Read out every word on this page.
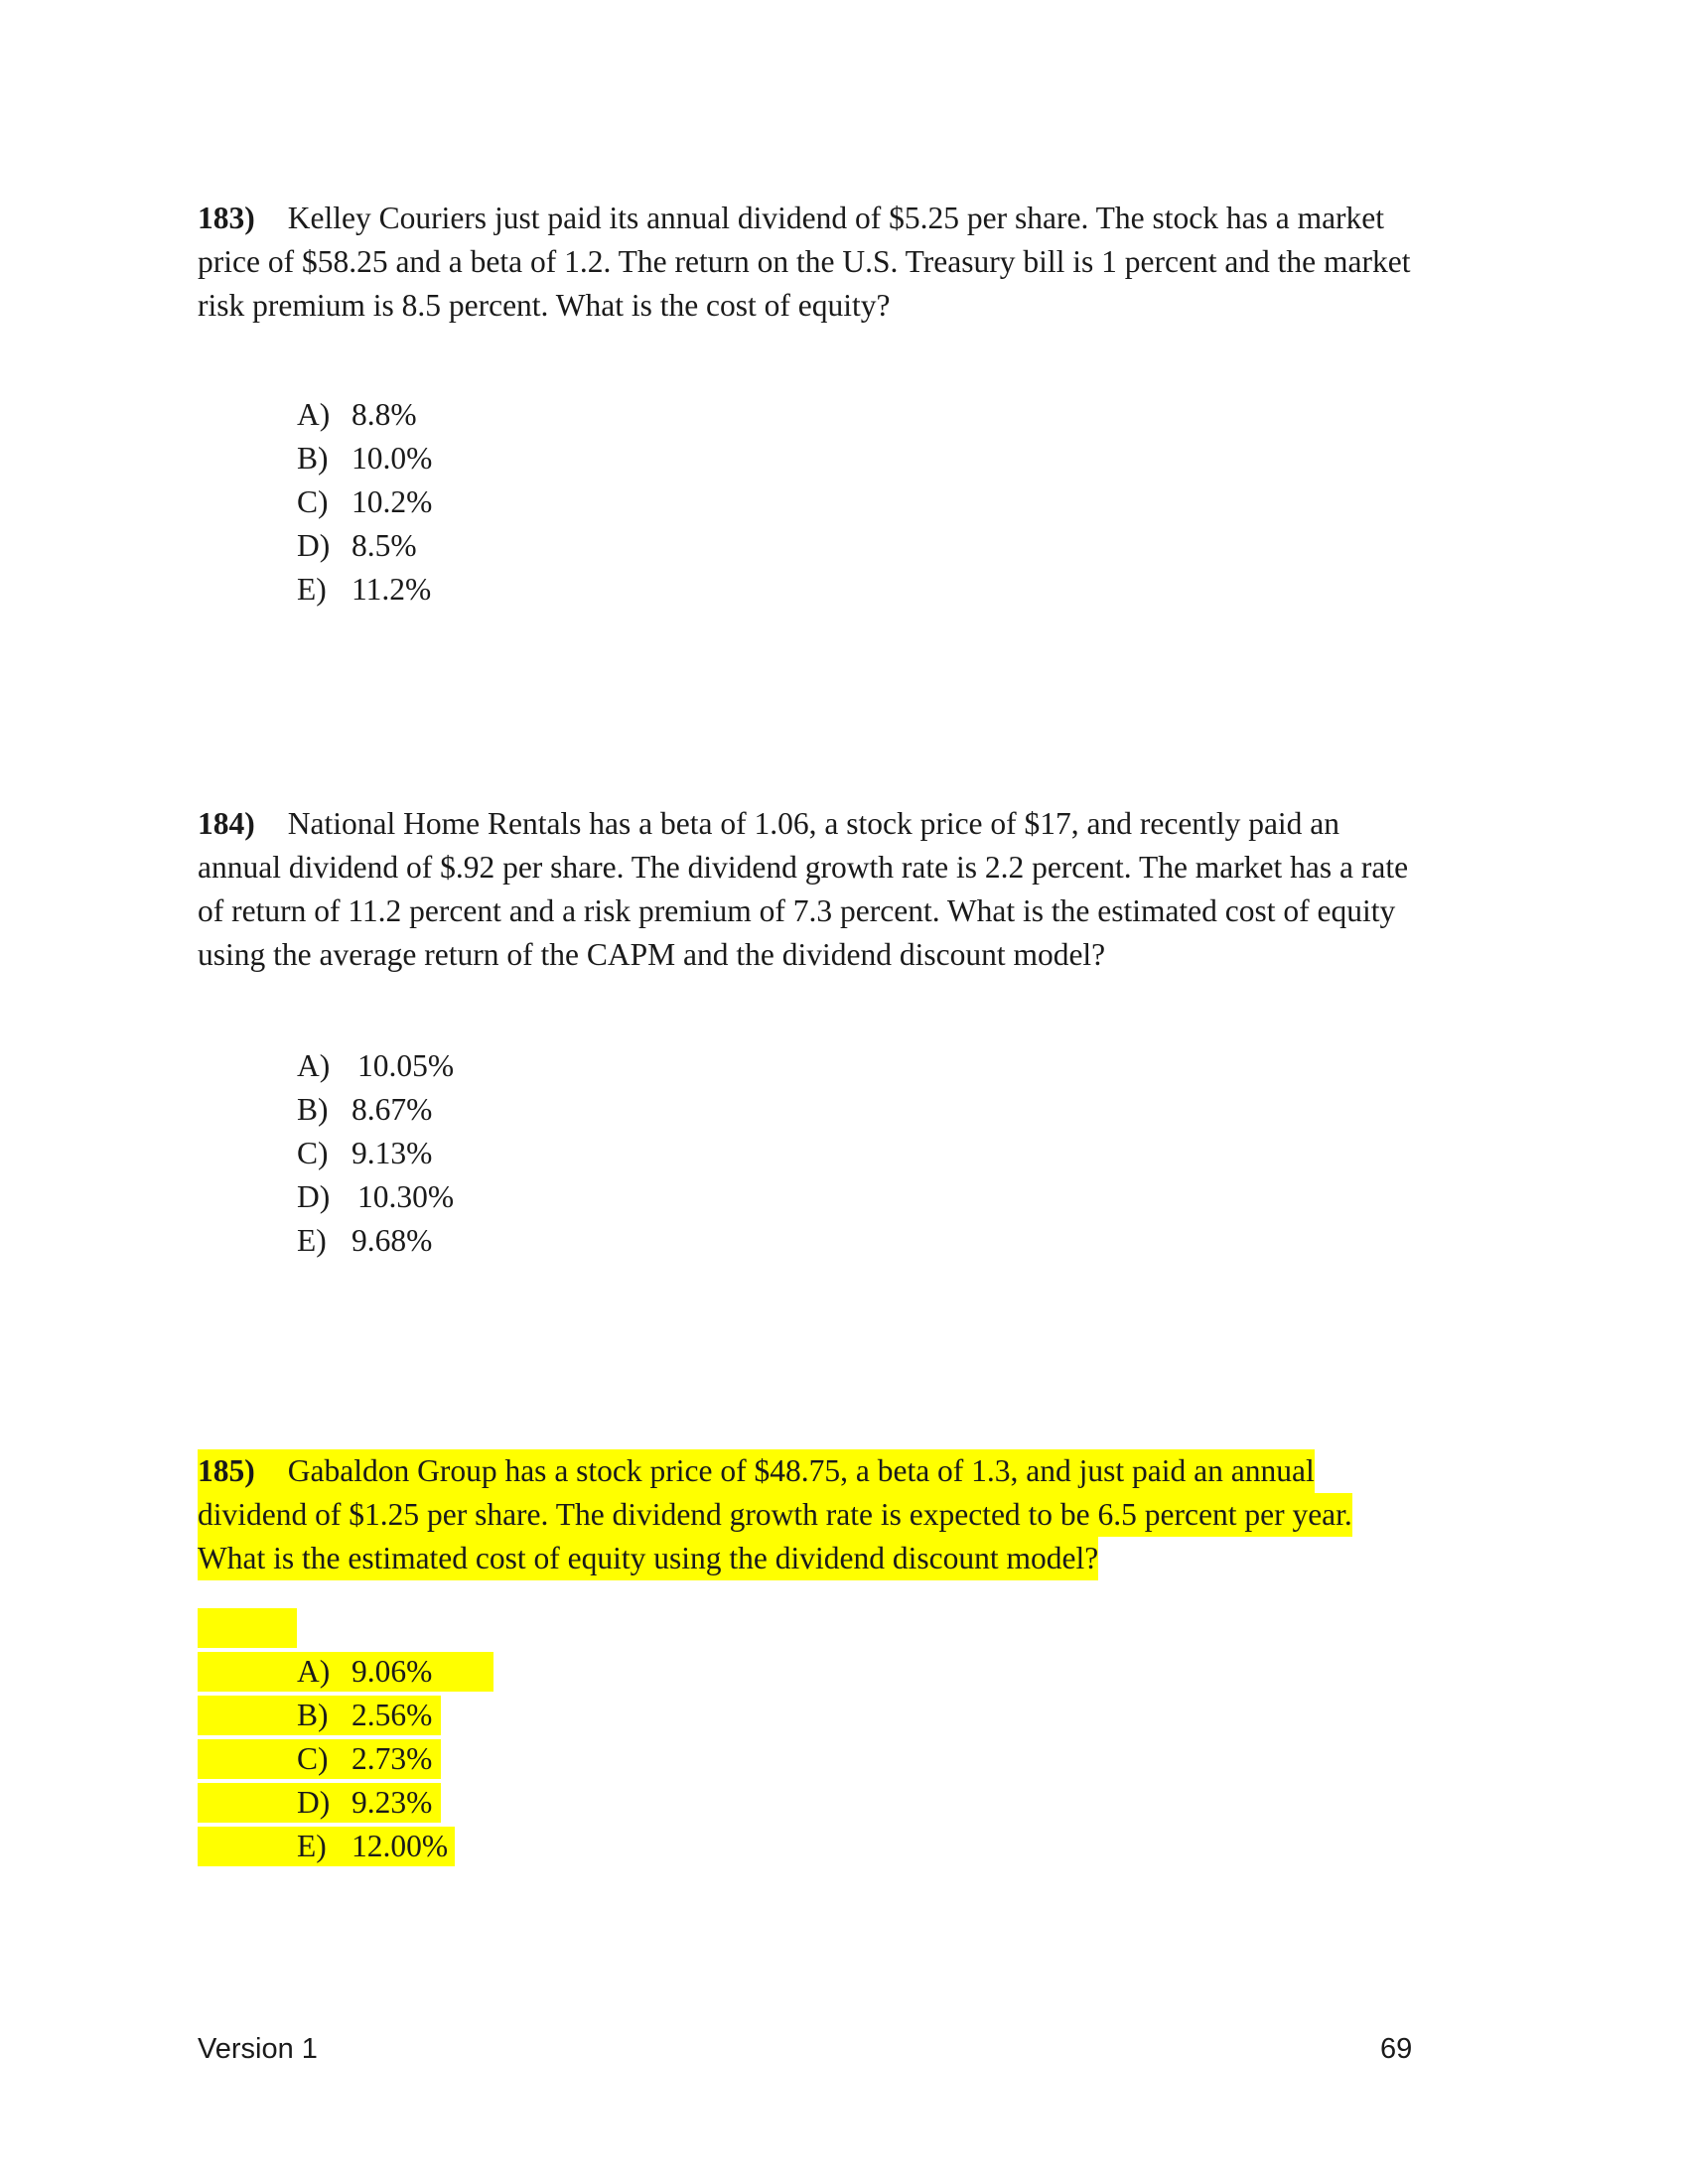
183) Kelley Couriers just paid its annual dividend of $5.25 per share. The stock has a market
price of $58.25 and a beta of 1.2. The return on the U.S. Treasury bill is 1 percent and the market
risk premium is 8.5 percent. What is the cost of equity?
A) 8.8%
B) 10.0%
C) 10.2%
D) 8.5%
E) 11.2%
184) National Home Rentals has a beta of 1.06, a stock price of $17, and recently paid an
annual dividend of $.92 per share. The dividend growth rate is 2.2 percent. The market has a rate
of return of 11.2 percent and a risk premium of 7.3 percent. What is the estimated cost of equity
using the average return of the CAPM and the dividend discount model?
A) 10.05%
B) 8.67%
C) 9.13%
D) 10.30%
E) 9.68%
185) Gabaldon Group has a stock price of $48.75, a beta of 1.3, and just paid an annual
dividend of $1.25 per share. The dividend growth rate is expected to be 6.5 percent per year.
What is the estimated cost of equity using the dividend discount model?
A) 9.06%
B) 2.56%
C) 2.73%
D) 9.23%
E) 12.00%
Version 1	69
